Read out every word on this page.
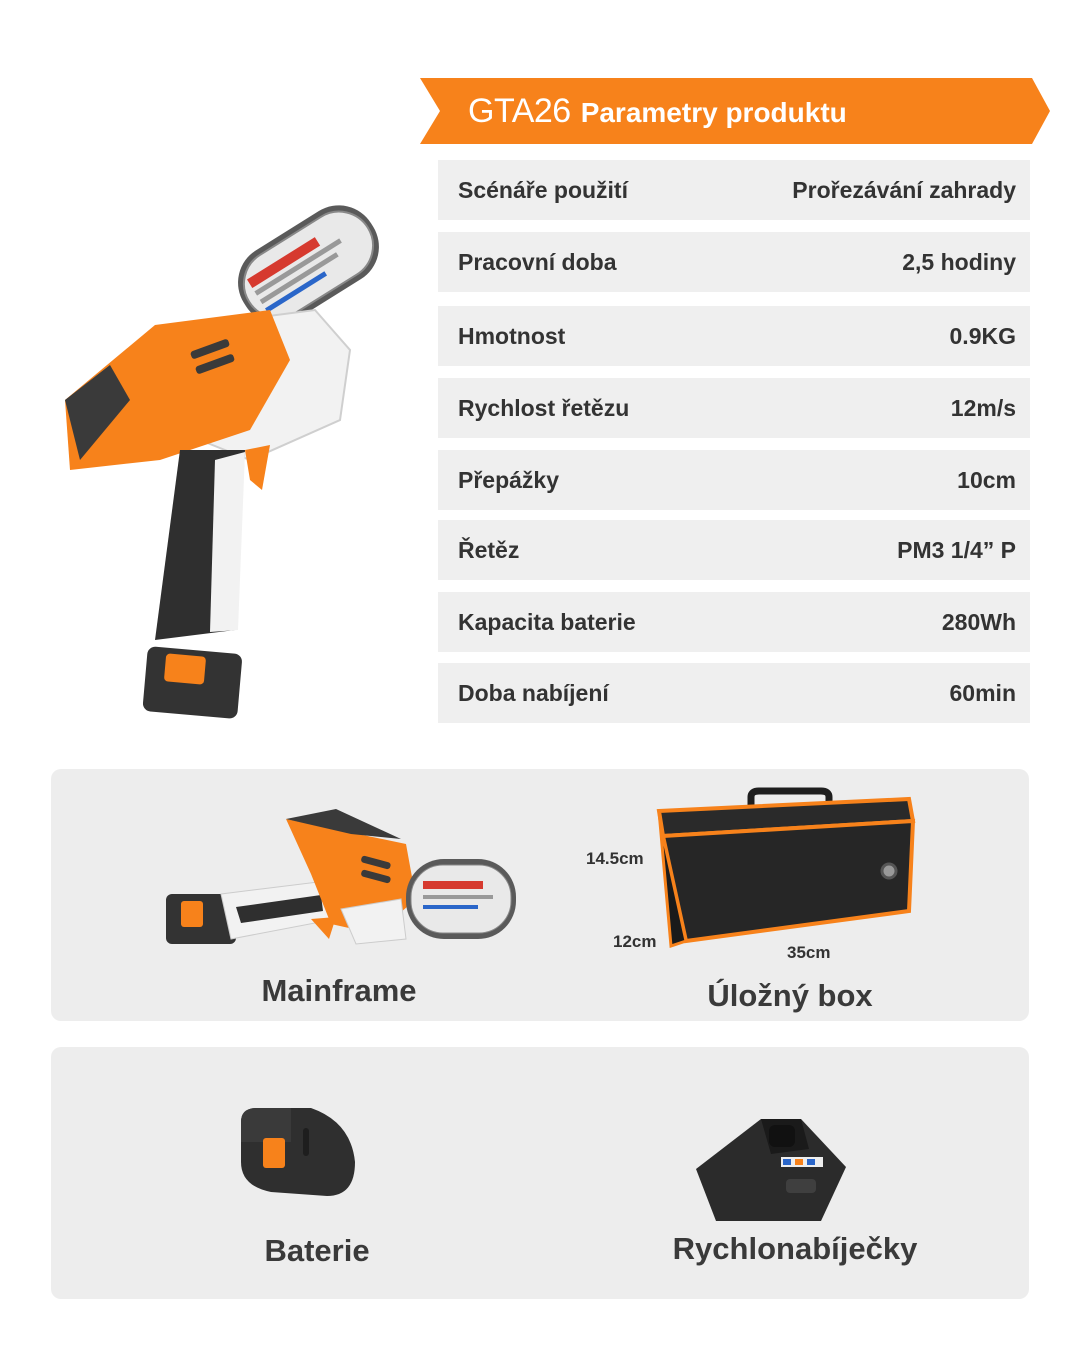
GTA26 Parametry produktu
Scénáře použití	Prořezávání zahrady
Pracovní doba	2,5 hodiny
Hmotnost	0.9KG
Rychlost řetězu	12m/s
Přepážky	10cm
Řetěz	PM3 1/4” P
Kapacita baterie	280Wh
Doba nabíjení	60min
Mainframe
14.5cm
12cm
35cm
Úložný box
Baterie	Rychlonabíječky
